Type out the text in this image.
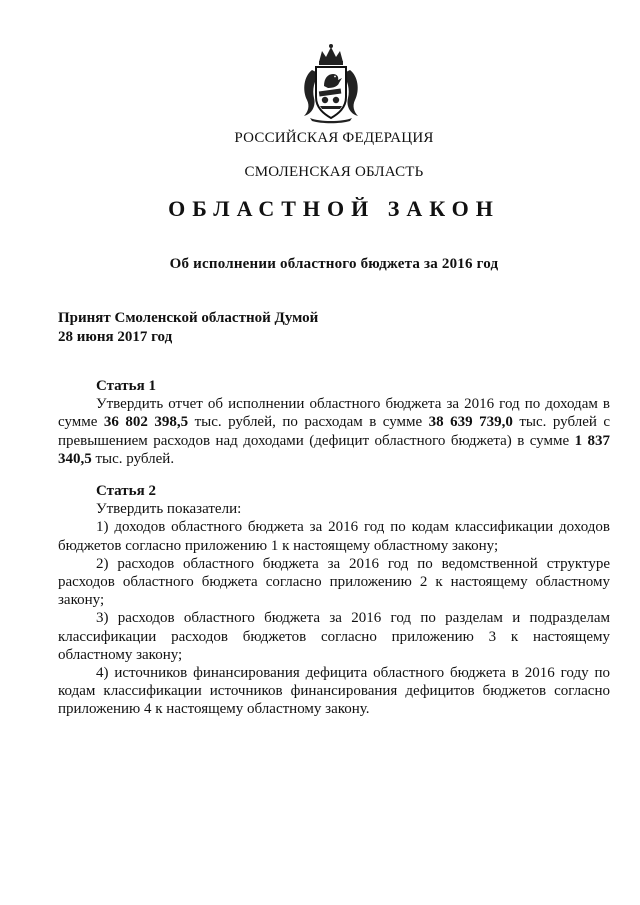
РОССИЙСКАЯ ФЕДЕРАЦИЯ
СМОЛЕНСКАЯ ОБЛАСТЬ
ОБЛАСТНОЙ ЗАКОН
Об исполнении областного бюджета за 2016 год
Принят Смоленской областной Думой
28 июня 2017 год
Статья 1

Утвердить отчет об исполнении областного бюджета за 2016 год по доходам в сумме 36 802 398,5 тыс. рублей, по расходам в сумме 38 639 739,0 тыс. рублей с превышением расходов над доходами (дефицит областного бюджета) в сумме 1 837 340,5 тыс. рублей.

Статья 2

Утвердить показатели:

1) доходов областного бюджета за 2016 год по кодам классификации доходов бюджетов согласно приложению 1 к настоящему областному закону;

2) расходов областного бюджета за 2016 год по ведомственной структуре расходов областного бюджета согласно приложению 2 к настоящему областному закону;

3) расходов областного бюджета за 2016 год по разделам и подразделам классификации расходов бюджетов согласно приложению 3 к настоящему областному закону;

4) источников финансирования дефицита областного бюджета в 2016 году по кодам классификации источников финансирования дефицитов бюджетов согласно приложению 4 к настоящему областному закону.
